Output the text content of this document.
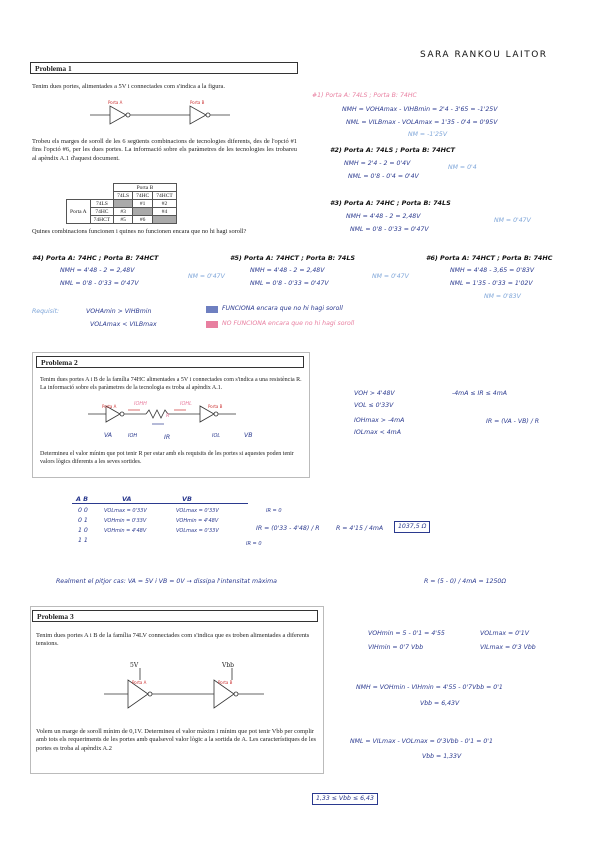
SARA RANKOU LAITOR
Problema 1
Tenim dues portes, alimentades a 5V i connectades com s'indica a la figura.
Porta A	Porta B
Trobeu els marges de soroll de les 6 següents combinacions de tecnologies diferents, des de l'opció #1 fins l'opció #6, per les dues portes. La informació sobre els paràmetres de les tecnologies les trobareu al apèndix A.1 d'aquest document.
		Porta B		
		74LS	74HC	74HCT
Porta A	74LS		#1	#2
	74HC	#3		#4
	74HCT	#5	#6	
Quines combinacions funcionen i quines no funcionen encara que no hi hagi soroll?
#1) Porta A: 74LS ; Porta B: 74HC
NMH = VOHAmax - VIHBmin = 2'4 - 3'65 = -1'25V
NML = VILBmax - VOLAmax = 1'35 - 0'4 = 0'95V
NM = -1'25V
#2) Porta A: 74LS ; Porta B: 74HCT
NMH = 2'4 - 2 = 0'4V
NML = 0'8 - 0'4 = 0'4V
NM = 0'4
#3) Porta A: 74HC ; Porta B: 74LS
NMH = 4'48 - 2 = 2,48V
NML = 0'8 - 0'33 = 0'47V
NM = 0'47V
#4) Porta A: 74HC ; Porta B: 74HCT
NMH = 4'48 - 2 = 2,48V
NML = 0'8 - 0'33 = 0'47V
NM = 0'47V
#5) Porta A: 74HCT ; Porta B: 74LS
NMH = 4'48 - 2 = 2,48V
NML = 0'8 - 0'33 = 0'47V
NM = 0'47V
#6) Porta A: 74HCT ; Porta B: 74HC
NMH = 4'48 - 3,65 = 0'83V
NML = 1'35 - 0'33 = 1'02V
NM = 0'83V
Requisit:	VOHAmin > VIHBmin
VOLAmax < VILBmax
FUNCIONA encara que no hi hagi soroll
NO FUNCIONA encara que no hi hagi soroll
Problema 2
Tenim dues portes A i B de la família 74HC alimentades a 5V i connectades com s'indica a una resistència R. La informació sobre els paràmetres de la tecnologia es troba al apèndix A.1.
Porta A	Porta B
IOHH	IOHL
R
VA	IOH	IR	IOL	VB
Determineu el valor mínim que pot tenir R per estar amb els requisits de les portes si aquestes poden tenir valors lògics diferents a les seves sortides.
VOH > 4'48V
VOL ≤ 0'33V
IOHmax > -4mA
IOLmax < 4mA
-4mA ≤ IR ≤ 4mA
IR = (VA - VB) / R
A B	VA	VB
0 0	VOLmax = 0'33V	VOLmax = 0'33V	IR = 0
0 1	VOHmin = 0'33V	VOHmin = 4'48V
1 0	VOHmin = 4'48V	VOLmax = 0'33V
1 1	IR = 0
IR = (0'33 - 4'48) / R	R = 4'15 / 4mA	1037,5 Ω
Realment el pitjor cas: VA = 5V i VB = 0V → dissipa l'intensitat màxima	R = (5 - 0) / 4mA = 1250Ω
Problema 3
Tenim dues portes A i B de la família 74LV connectades com s'indica que es troben alimentades a diferents tensions.
5V	Vbb
Porta A	Porta B
Volem un marge de soroll mínim de 0,1V. Determineu el valor màxim i mínim que pot tenir Vbb per complir amb tots els requeriments de les portes amb qualsevol valor lògic a la sortida de A. Les característiques de les portes es troba al apèndix A.2
VOHmin = 5 - 0'1 = 4'55	VOLmax = 0'1V
VIHmin = 0'7 Vbb	VILmax = 0'3 Vbb
NMH = VOHmin - VIHmin = 4'55 - 0'7Vbb = 0'1
Vbb = 6,43V
NML = VILmax - VOLmax = 0'3Vbb - 0'1 = 0'1
Vbb = 1,33V
1,33 ≤ Vbb ≤ 6,43
